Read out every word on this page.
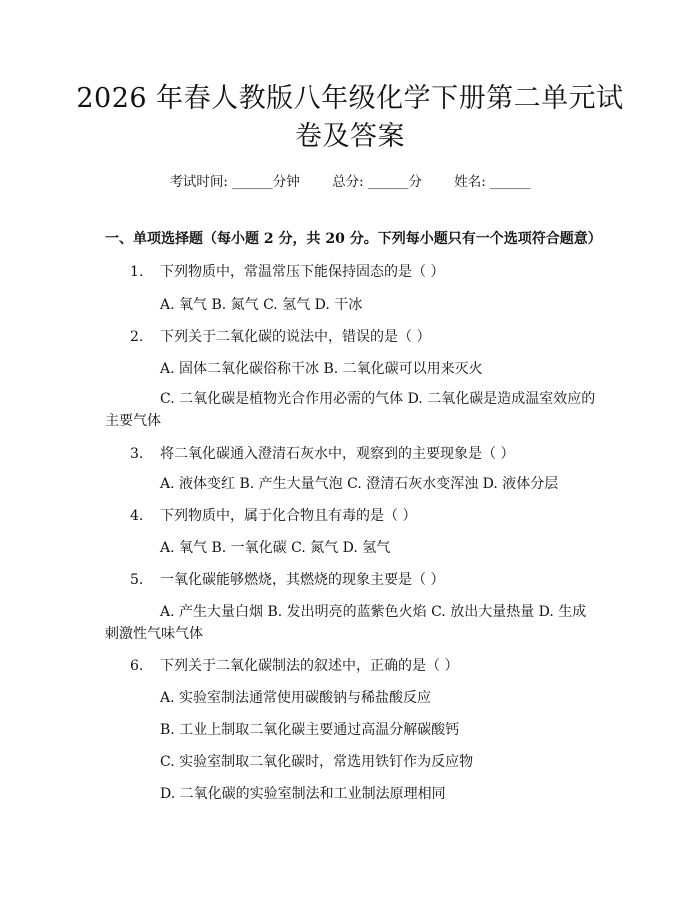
2026 年春人教版八年级化学下册第二单元试
卷及答案
考试时间: ______分钟 总分: ______分 姓名: ______
一、单项选择题（每小题 2 分，共 20 分。下列每小题只有一个选项符合题意）
1. 下列物质中，常温常压下能保持固态的是（ ）
A. 氧气 B. 氮气 C. 氢气 D. 干冰
2. 下列关于二氧化碳的说法中，错误的是（ ）
A. 固体二氧化碳俗称干冰 B. 二氧化碳可以用来灭火
C. 二氧化碳是植物光合作用必需的气体 D. 二氧化碳是造成温室效应的主要气体
3. 将二氧化碳通入澄清石灰水中，观察到的主要现象是（ ）
A. 液体变红 B. 产生大量气泡 C. 澄清石灰水变浑浊 D. 液体分层
4. 下列物质中，属于化合物且有毒的是（ ）
A. 氧气 B. 一氧化碳 C. 氮气 D. 氢气
5. 一氧化碳能够燃烧，其燃烧的现象主要是（ ）
A. 产生大量白烟 B. 发出明亮的蓝紫色火焰 C. 放出大量热量 D. 生成刺激性气味气体
6. 下列关于二氧化碳制法的叙述中，正确的是（ ）
A. 实验室制法通常使用碳酸钠与稀盐酸反应
B. 工业上制取二氧化碳主要通过高温分解碳酸钙
C. 实验室制取二氧化碳时，常选用铁钉作为反应物
D. 二氧化碳的实验室制法和工业制法原理相同
